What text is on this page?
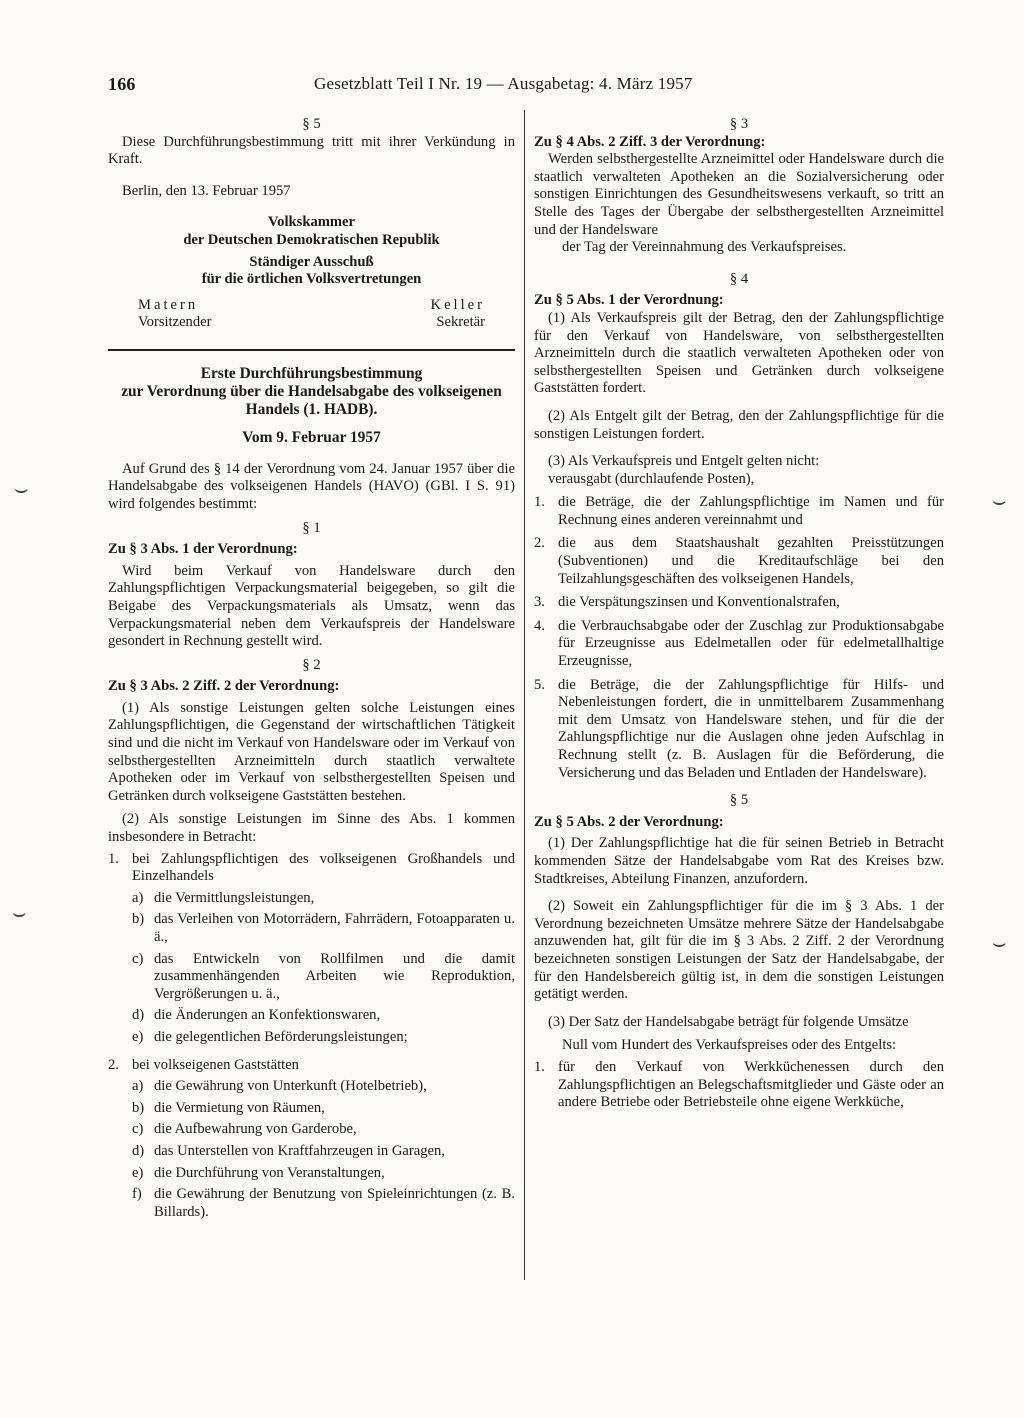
166	Gesetzblatt Teil I Nr. 19 — Ausgabetag: 4. März 1957

§ 5

Diese Durchführungsbestimmung tritt mit ihrer Verkündung in Kraft.

Berlin, den 13. Februar 1957

Volkskammer

der Deutschen Demokratischen Republik

Ständiger Ausschuß

für die örtlichen Volksvertretungen

Matern

Vorsitzender

Keller

Sekretär

Erste Durchführungsbestimmung

zur Verordnung über die Handelsabgabe des volkseigenen Handels (1. HADB).

Vom 9. Februar 1957

Auf Grund des § 14 der Verordnung vom 24. Januar 1957 über die Handelsabgabe des volkseigenen Handels (HAVO) (GBl. I S. 91) wird folgendes bestimmt:

§ 1

Zu § 3 Abs. 1 der Verordnung:

Wird beim Verkauf von Handelsware durch den Zahlungspflichtigen Verpackungsmaterial beigegeben, so gilt die Beigabe des Verpackungsmaterials als Umsatz, wenn das Verpackungsmaterial neben dem Verkaufspreis der Handelsware gesondert in Rechnung gestellt wird.

§ 2

Zu § 3 Abs. 2 Ziff. 2 der Verordnung:

(1) Als sonstige Leistungen gelten solche Leistungen eines Zahlungspflichtigen, die Gegenstand der wirtschaftlichen Tätigkeit sind und die nicht im Verkauf von Handelsware oder im Verkauf von selbsthergestellten Arzneimitteln durch staatlich verwaltete Apotheken oder im Verkauf von selbsthergestellten Speisen und Getränken durch volkseigene Gaststätten bestehen.

(2) Als sonstige Leistungen im Sinne des Abs. 1 kommen insbesondere in Betracht:

1. bei Zahlungspflichtigen des volkseigenen Großhandels und Einzelhandels
a) die Vermittlungsleistungen,
b) das Verleihen von Motorrädern, Fahrrädern, Fotoapparaten u. ä.,
c) das Entwickeln von Rollfilmen und die damit zusammenhängenden Arbeiten wie Reproduktion, Vergrößerungen u. ä.,
d) die Änderungen an Konfektionswaren,
e) die gelegentlichen Beförderungsleistungen;
2. bei volkseigenen Gaststätten
a) die Gewährung von Unterkunft (Hotelbetrieb),
b) die Vermietung von Räumen,
c) die Aufbewahrung von Garderobe,
d) das Unterstellen von Kraftfahrzeugen in Garagen,
e) die Durchführung von Veranstaltungen,
f) die Gewährung der Benutzung von Spieleinrichtungen (z. B. Billards).

§ 3

Zu § 4 Abs. 2 Ziff. 3 der Verordnung:

Werden selbsthergestellte Arzneimittel oder Handelsware durch die staatlich verwalteten Apotheken an die Sozialversicherung oder sonstigen Einrichtungen des Gesundheitswesens verkauft, so tritt an Stelle des Tages der Übergabe der selbsthergestellten Arzneimittel und der Handelsware

der Tag der Vereinnahmung des Verkaufspreises.

§ 4

Zu § 5 Abs. 1 der Verordnung:

(1) Als Verkaufspreis gilt der Betrag, den der Zahlungspflichtige für den Verkauf von Handelsware, von selbsthergestellten Arzneimitteln durch die staatlich verwalteten Apotheken oder von selbsthergestellten Speisen und Getränken durch volkseigene Gaststätten fordert.

(2) Als Entgelt gilt der Betrag, den der Zahlungspflichtige für die sonstigen Leistungen fordert.

(3) Als Verkaufspreis und Entgelt gelten nicht:

verausgabt (durchlaufende Posten),

1. die Beträge, die der Zahlungspflichtige im Namen und für Rechnung eines anderen vereinnahmt und
2. die aus dem Staatshaushalt gezahlten Preisstützungen (Subventionen) und die Kreditaufschläge bei den Teilzahlungsgeschäften des volkseigenen Handels,
3. die Verspätungszinsen und Konventionalstrafen,
4. die Verbrauchsabgabe oder der Zuschlag zur Produktionsabgabe für Erzeugnisse aus Edelmetallen oder für edelmetallhaltige Erzeugnisse,
5. die Beträge, die der Zahlungspflichtige für Hilfs- und Nebenleistungen fordert, die in unmittelbarem Zusammenhang mit dem Umsatz von Handelsware stehen, und für die der Zahlungspflichtige nur die Auslagen ohne jeden Aufschlag in Rechnung stellt (z. B. Auslagen für die Beförderung, die Versicherung und das Beladen und Entladen der Handelsware).

§ 5

Zu § 5 Abs. 2 der Verordnung:

(1) Der Zahlungspflichtige hat die für seinen Betrieb in Betracht kommenden Sätze der Handelsabgabe vom Rat des Kreises bzw. Stadtkreises, Abteilung Finanzen, anzufordern.

(2) Soweit ein Zahlungspflichtiger für die im § 3 Abs. 1 der Verordnung bezeichneten Umsätze mehrere Sätze der Handelsabgabe anzuwenden hat, gilt für die im § 3 Abs. 2 Ziff. 2 der Verordnung bezeichneten sonstigen Leistungen der Satz der Handelsabgabe, der für den Handelsbereich gültig ist, in dem die sonstigen Leistungen getätigt werden.

(3) Der Satz der Handelsabgabe beträgt für folgende Umsätze

Null vom Hundert des Verkaufspreises oder des Entgelts:

1. für den Verkauf von Werkküchenessen durch den Zahlungspflichtigen an Belegschaftsmitglieder und Gäste oder an andere Betriebe oder Betriebsteile ohne eigene Werkküche,
⌣
⌣
⌣
⌣
